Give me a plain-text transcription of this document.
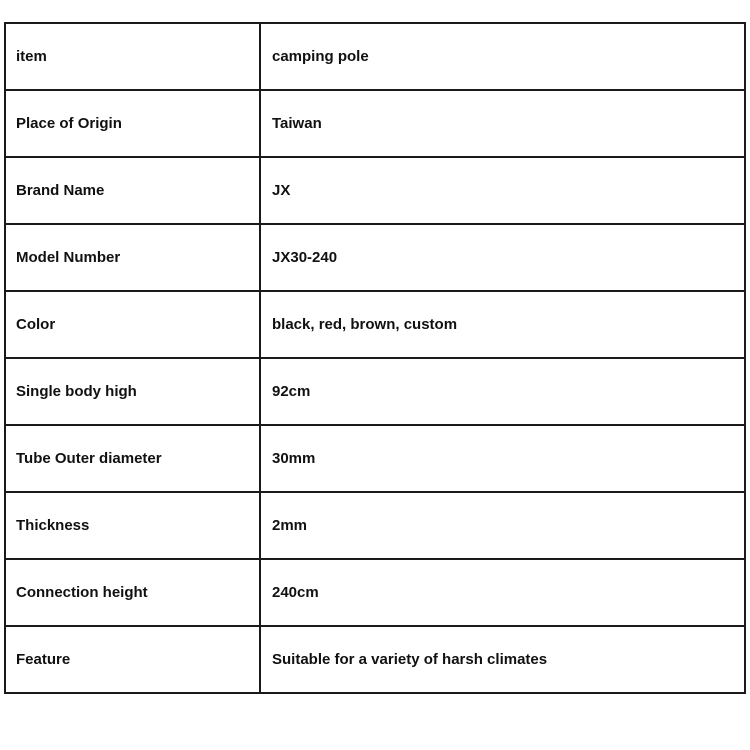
item	camping pole
Place of Origin	Taiwan
Brand Name	JX
Model Number	JX30-240
Color	black, red, brown, custom
Single body high	92cm
Tube Outer diameter	30mm
Thickness	2mm
Connection height	240cm
Feature	Suitable for a variety of harsh climates
